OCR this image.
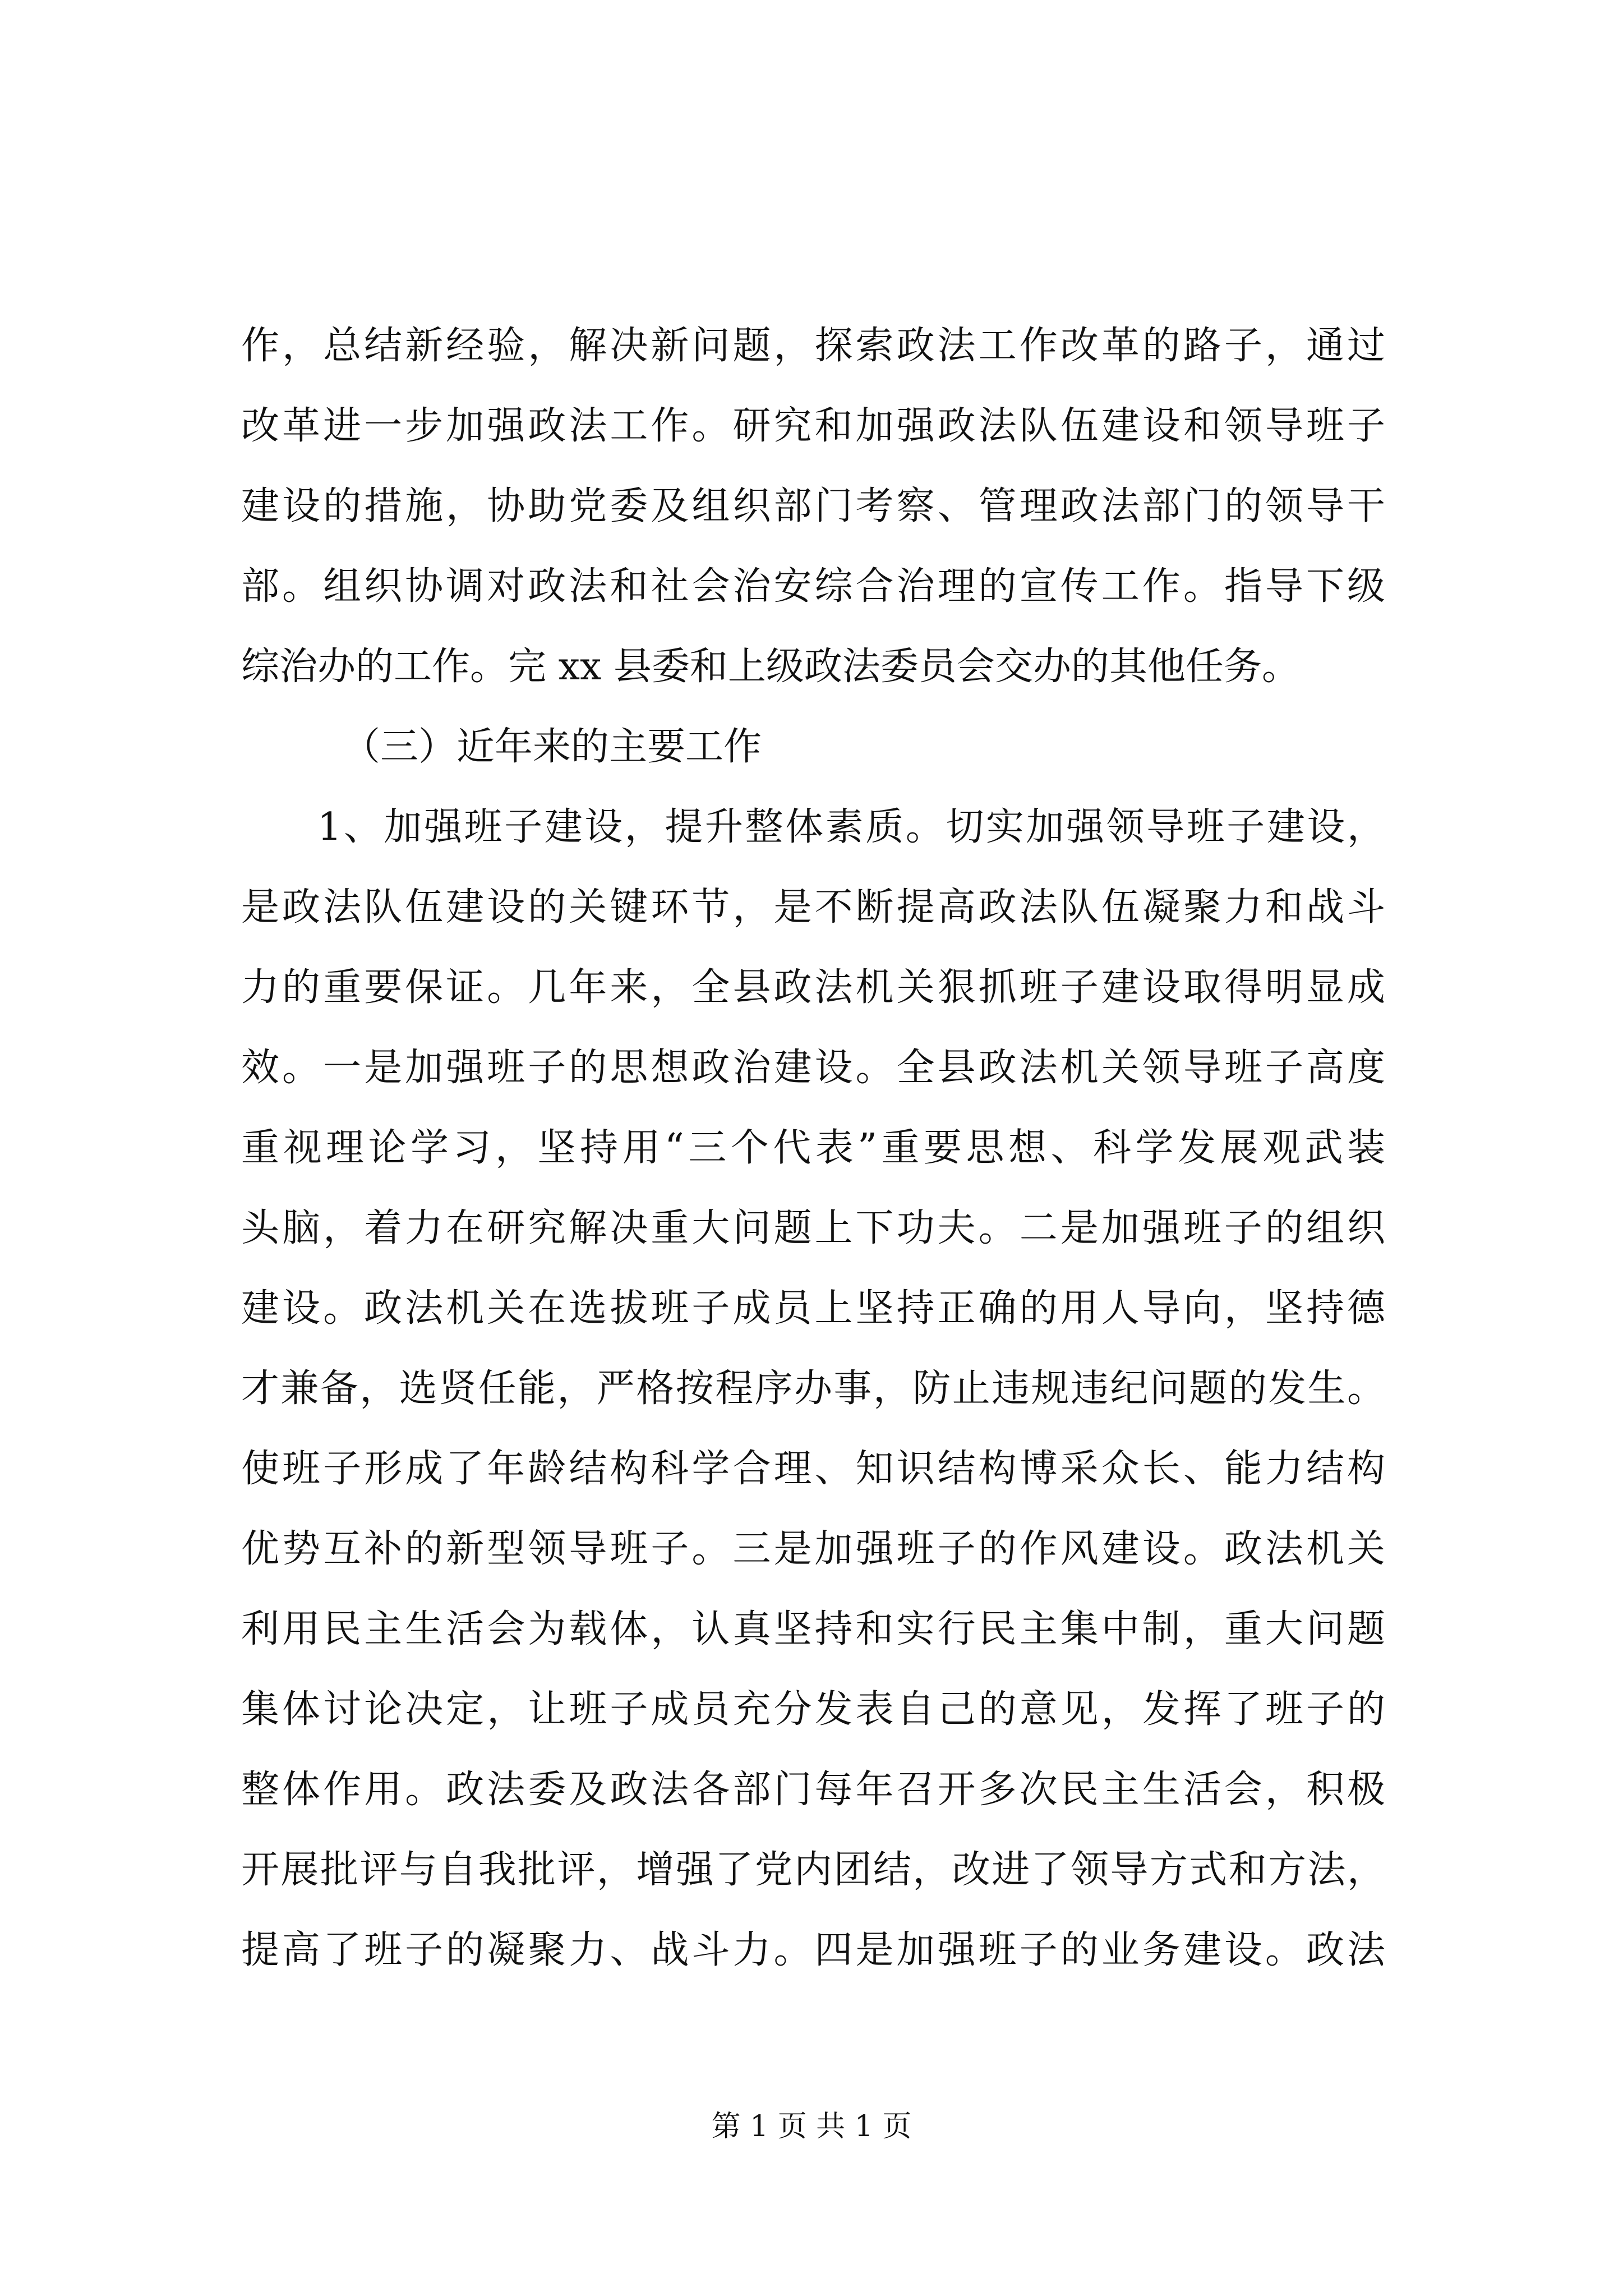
作，总结新经验，解决新问题，探索政法工作改革的路子，通过
改革进一步加强政法工作。研究和加强政法队伍建设和领导班子
建设的措施，协助党委及组织部门考察、管理政法部门的领导干
部。组织协调对政法和社会治安综合治理的宣传工作。指导下级
综治办的工作。完 xx 县委和上级政法委员会交办的其他任务。
（三）近年来的主要工作
1、加强班子建设，提升整体素质。切实加强领导班子建设，
是政法队伍建设的关键环节，是不断提高政法队伍凝聚力和战斗
力的重要保证。几年来，全县政法机关狠抓班子建设取得明显成
效。一是加强班子的思想政治建设。全县政法机关领导班子高度
重视理论学习，坚持用“三个代表”重要思想、科学发展观武装
头脑，着力在研究解决重大问题上下功夫。二是加强班子的组织
建设。政法机关在选拔班子成员上坚持正确的用人导向，坚持德
才兼备，选贤任能，严格按程序办事，防止违规违纪问题的发生。
使班子形成了年龄结构科学合理、知识结构博采众长、能力结构
优势互补的新型领导班子。三是加强班子的作风建设。政法机关
利用民主生活会为载体，认真坚持和实行民主集中制，重大问题
集体讨论决定，让班子成员充分发表自己的意见，发挥了班子的
整体作用。政法委及政法各部门每年召开多次民主生活会，积极
开展批评与自我批评，增强了党内团结，改进了领导方式和方法，
提高了班子的凝聚力、战斗力。四是加强班子的业务建设。政法
第 1 页 共 1 页
